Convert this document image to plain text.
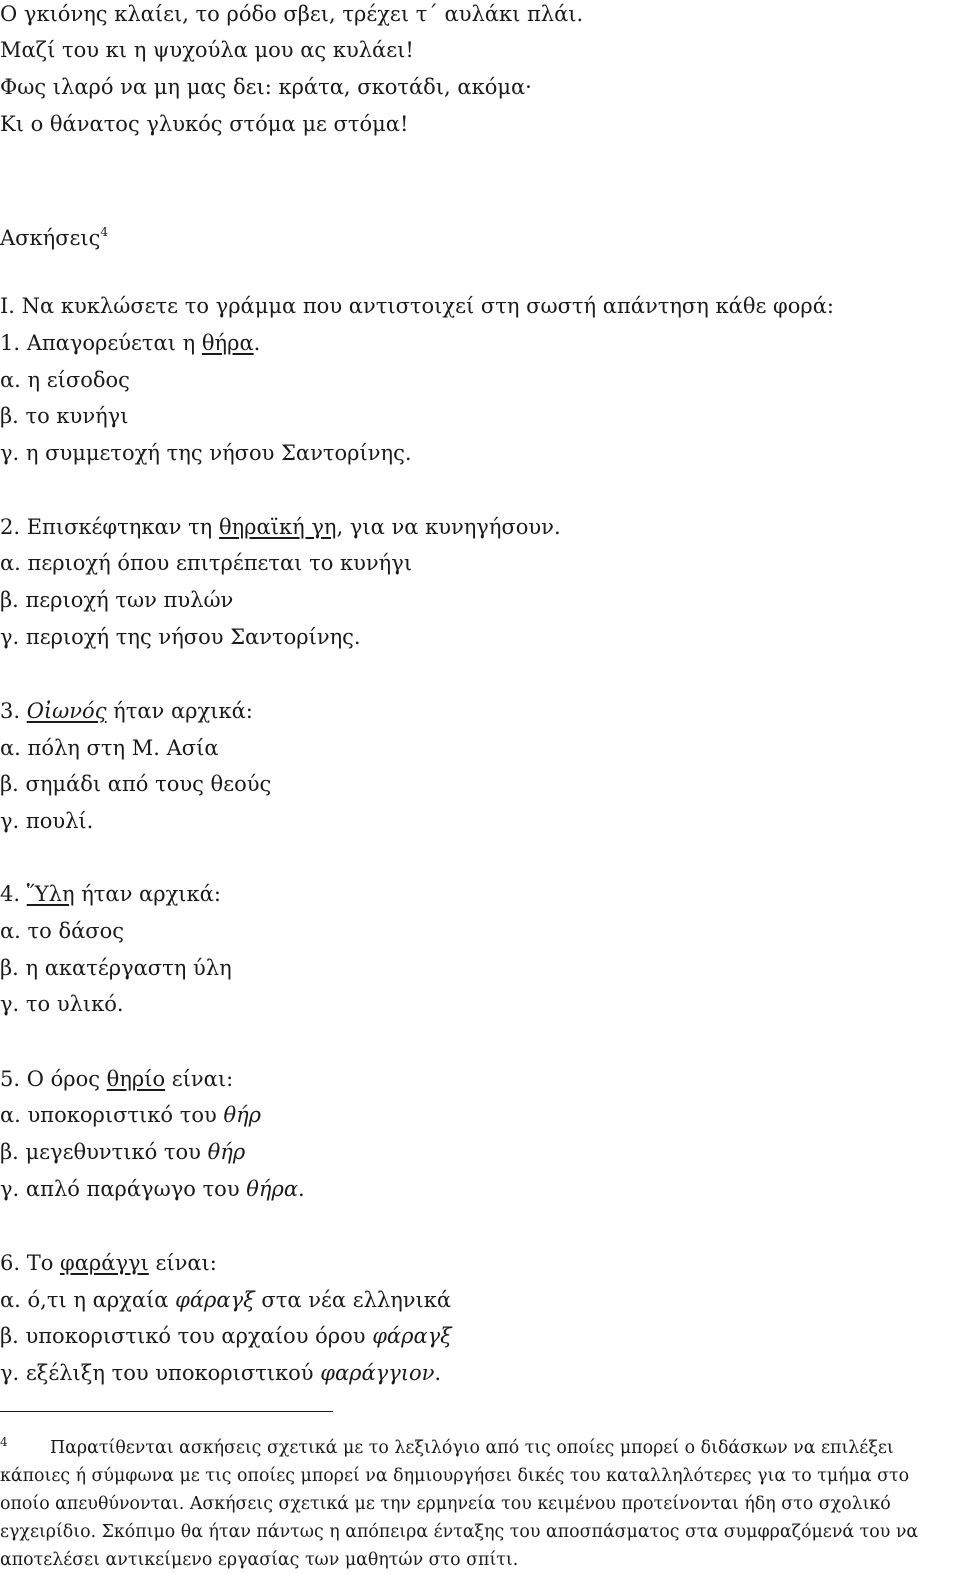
Ο γκιόνης κλαίει, το ρόδο σβει, τρέχει τ΄ αυλάκι πλάι.
Μαζί του κι η ψυχούλα μου ας κυλάει!
Φως ιλαρό να μη μας δει: κράτα, σκοτάδι, ακόμα·
Κι ο θάνατος γλυκός στόμα με στόμα!
Ασκήσεις$^4$
Ι. Να κυκλώσετε το γράμμα που αντιστοιχεί στη σωστή απάντηση κάθε φορά:
1. Απαγορεύεται η θήρα.
α. η είσοδος
β. το κυνήγι
γ. η συμμετοχή της νήσου Σαντορίνης.
2. Επισκέφτηκαν τη θηραϊκή γη, για να κυνηγήσουν.
α. περιοχή όπου επιτρέπεται το κυνήγι
β. περιοχή των πυλών
γ. περιοχή της νήσου Σαντορίνης.
3. Οἰωνός ήταν αρχικά:
α. πόλη στη Μ. Ασία
β. σημάδι από τους θεούς
γ. πουλί.
4. Ὕλη ήταν αρχικά:
α. το δάσος
β. η ακατέργαστη ύλη
γ. το υλικό.
5. Ο όρος θηρίο είναι:
α. υποκοριστικό του θήρ
β. μεγεθυντικό του θήρ
γ. απλό παράγωγο του θήρα.
6. Το φαράγγι είναι:
α. ό,τι η αρχαία φάραγξ στα νέα ελληνικά
β. υποκοριστικό του αρχαίου όρου φάραγξ
γ. εξέλιξη του υποκοριστικού φαράγγιον.
4 Παρατίθενται ασκήσεις σχετικά με το λεξιλόγιο από τις οποίες μπορεί ο διδάσκων να επιλέξει κάποιες ή σύμφωνα με τις οποίες μπορεί να δημιουργήσει δικές του καταλληλότερες για το τμήμα στο οποίο απευθύνονται. Ασκήσεις σχετικά με την ερμηνεία του κειμένου προτείνονται ήδη στο σχολικό εγχειρίδιο. Σκόπιμο θα ήταν πάντως η απόπειρα ένταξης του αποσπάσματος στα συμφραζόμενά του να αποτελέσει αντικείμενο εργασίας των μαθητών στο σπίτι.
